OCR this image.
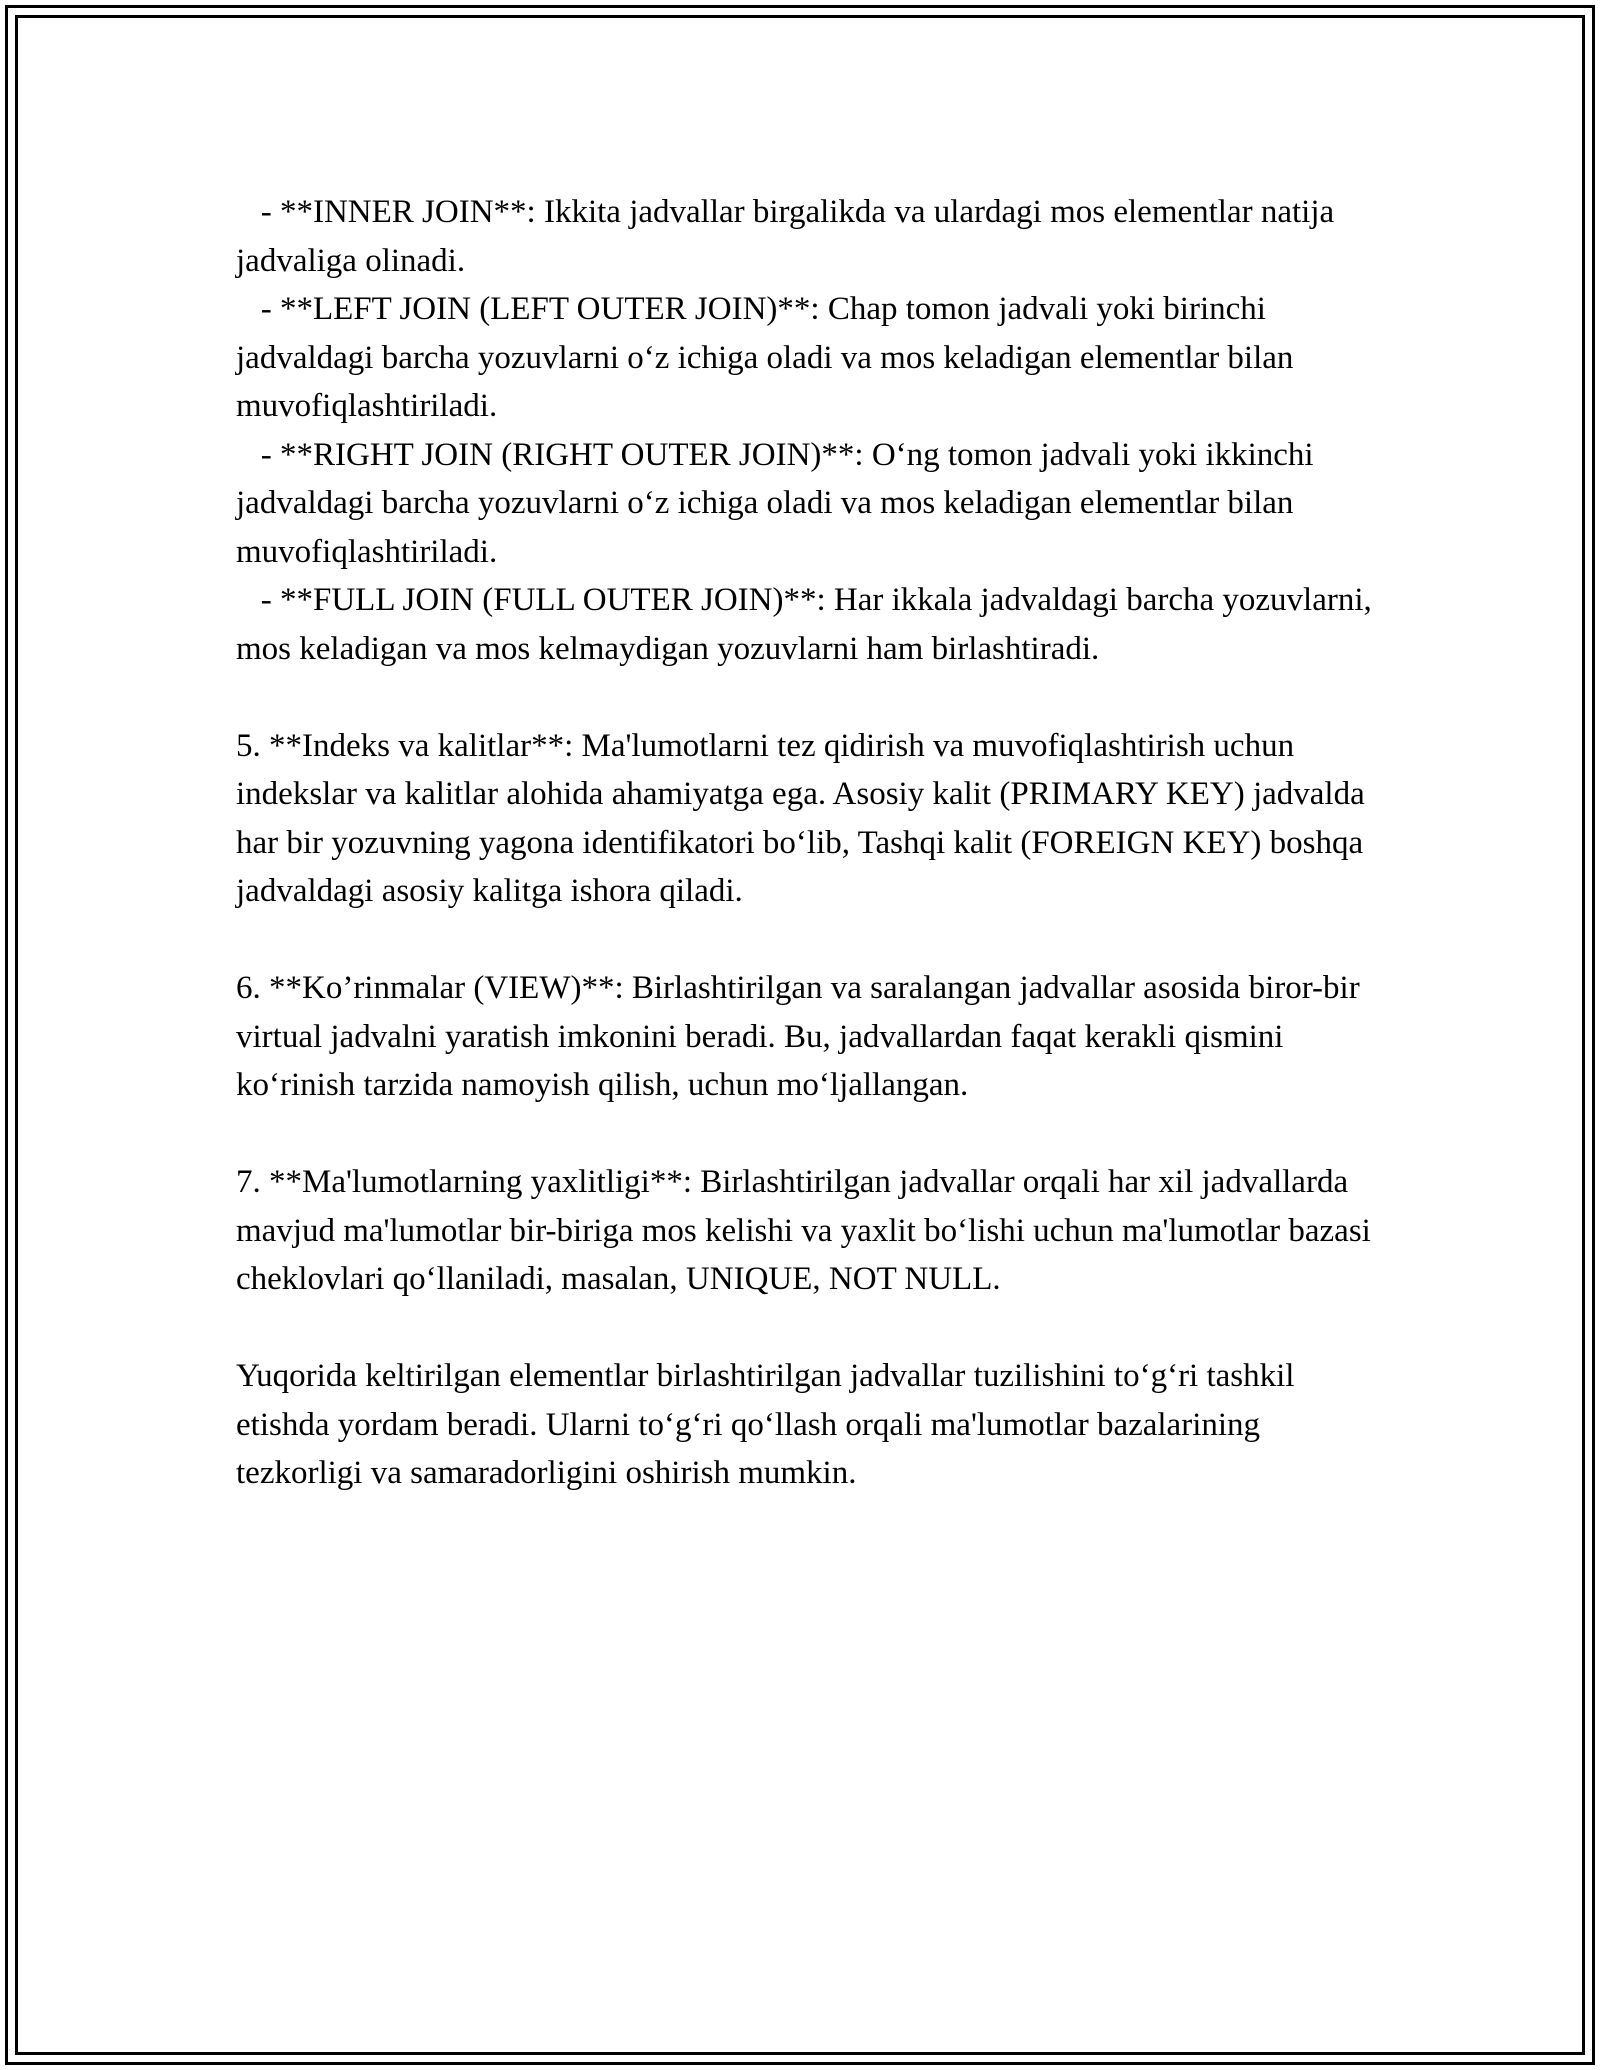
- **INNER JOIN**: Ikkita jadvallar birgalikda va ulardagi mos elementlar natija jadvaliga olinadi.

- **LEFT JOIN (LEFT OUTER JOIN)**: Chap tomon jadvali yoki birinchi jadvaldagi barcha yozuvlarni o‘z ichiga oladi va mos keladigan elementlar bilan muvofiqlashtiriladi.

- **RIGHT JOIN (RIGHT OUTER JOIN)**: O‘ng tomon jadvali yoki ikkinchi jadvaldagi barcha yozuvlarni o‘z ichiga oladi va mos keladigan elementlar bilan muvofiqlashtiriladi.

- **FULL JOIN (FULL OUTER JOIN)**: Har ikkala jadvaldagi barcha yozuvlarni, mos keladigan va mos kelmaydigan yozuvlarni ham birlashtiradi.

5. **Indeks va kalitlar**: Ma'lumotlarni tez qidirish va muvofiqlashtirish uchun indekslar va kalitlar alohida ahamiyatga ega. Asosiy kalit (PRIMARY KEY) jadvalda har bir yozuvning yagona identifikatori bo‘lib, Tashqi kalit (FOREIGN KEY) boshqa jadvaldagi asosiy kalitga ishora qiladi.

6. **Ko’rinmalar (VIEW)**: Birlashtirilgan va saralangan jadvallar asosida biror-bir virtual jadvalni yaratish imkonini beradi. Bu, jadvallardan faqat kerakli qismini ko‘rinish tarzida namoyish qilish, uchun mo‘ljallangan.

7. **Ma'lumotlarning yaxlitligi**: Birlashtirilgan jadvallar orqali har xil jadvallarda mavjud ma'lumotlar bir-biriga mos kelishi va yaxlit bo‘lishi uchun ma'lumotlar bazasi cheklovlari qo‘llaniladi, masalan, UNIQUE, NOT NULL.

Yuqorida keltirilgan elementlar birlashtirilgan jadvallar tuzilishini to‘g‘ri tashkil etishda yordam beradi. Ularni to‘g‘ri qo‘llash orqali ma'lumotlar bazalarining tezkorligi va samaradorligini oshirish mumkin.
